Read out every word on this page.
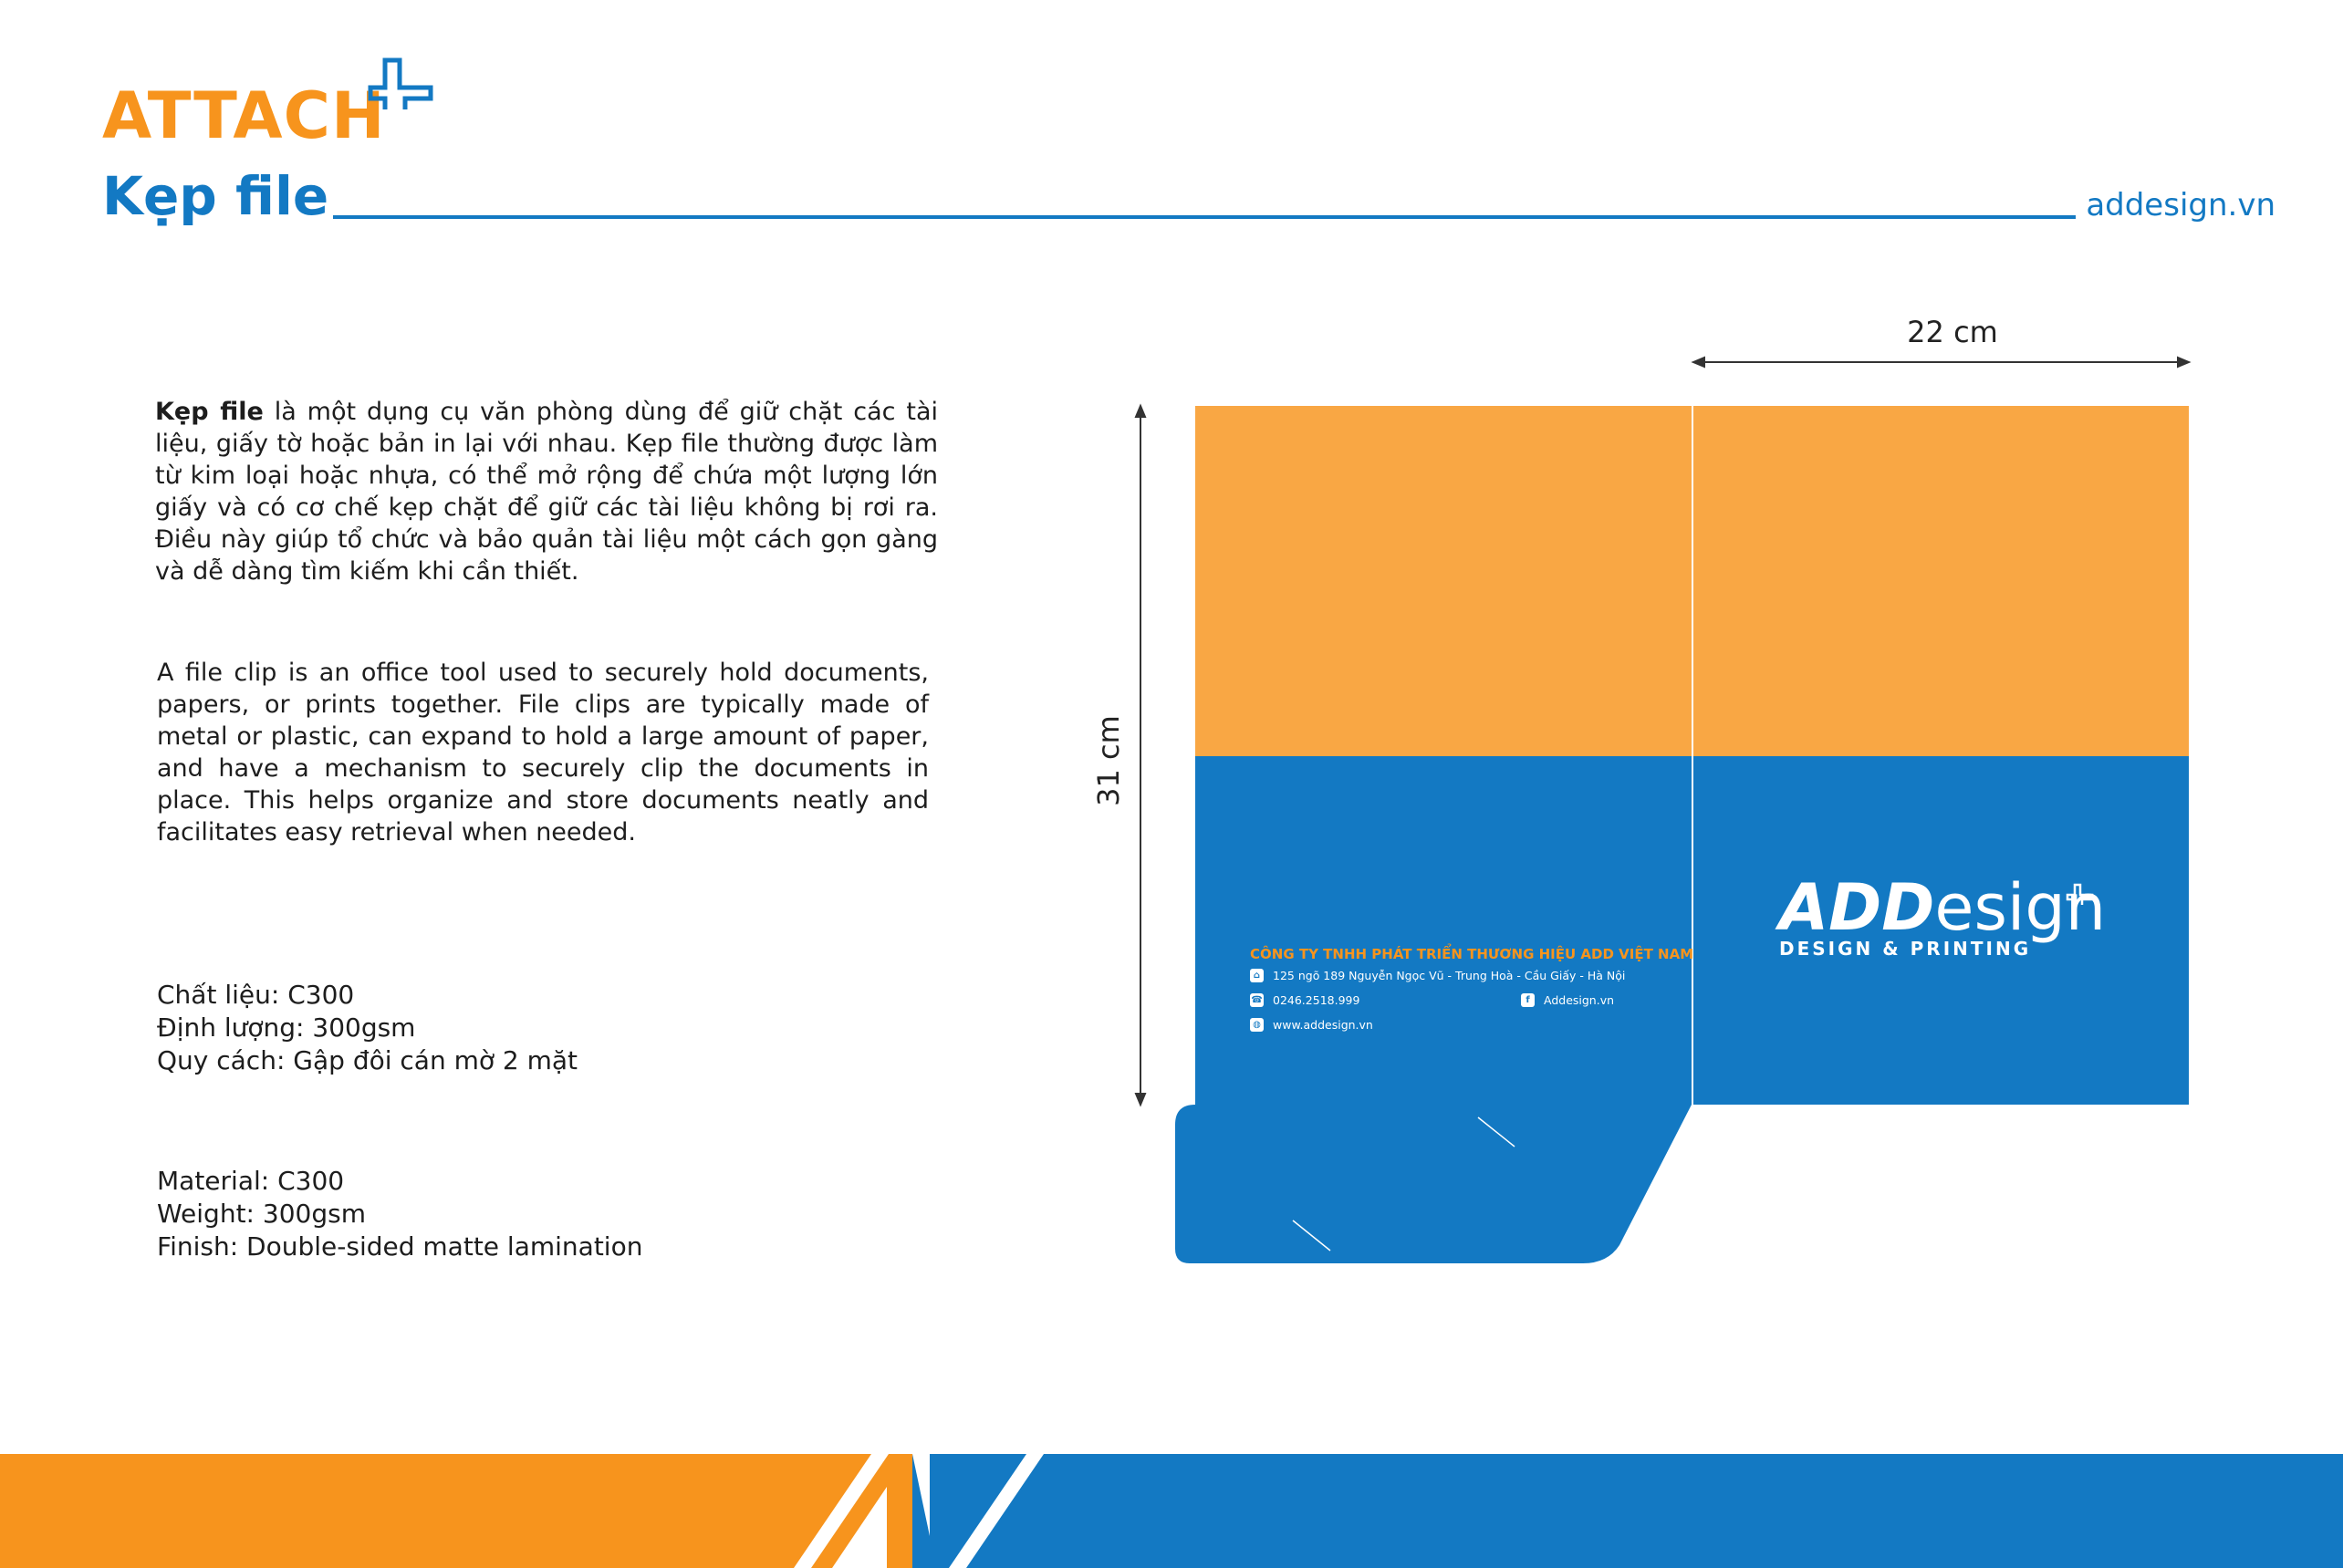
ATTACH
Kẹp file	addesign.vn
Kẹp file là một dụng cụ văn phòng dùng để giữ chặt các tài liệu, giấy tờ hoặc bản in lại với nhau. Kẹp file thường được làm từ kim loại hoặc nhựa, có thể mở rộng để chứa một lượng lớn giấy và có cơ chế kẹp chặt để giữ các tài liệu không bị rơi ra. Điều này giúp tổ chức và bảo quản tài liệu một cách gọn gàng và dễ dàng tìm kiếm khi cần thiết.
A file clip is an office tool used to securely hold documents, papers, or prints together. File clips are typically made of metal or plastic, can expand to hold a large amount of paper, and have a mechanism to securely clip the documents in place. This helps organize and store documents neatly and facilitates easy retrieval when needed.
Chất liệu: C300
Định lượng: 300gsm
Quy cách: Gập đôi cán mờ 2 mặt
Material: C300
Weight: 300gsm
Finish: Double-sided matte lamination
22 cm
31 cm
CÔNG TY TNHH PHÁT TRIỂN THƯƠNG HIỆU ADD VIỆT NAM
⌂	125 ngõ 189 Nguyễn Ngọc Vũ - Trung Hoà - Cầu Giấy - Hà Nội
☎ 0246.2518.999	f	Addesign.vn
◍ www.addesign.vn
ADDesign
DESIGN & PRINTING
